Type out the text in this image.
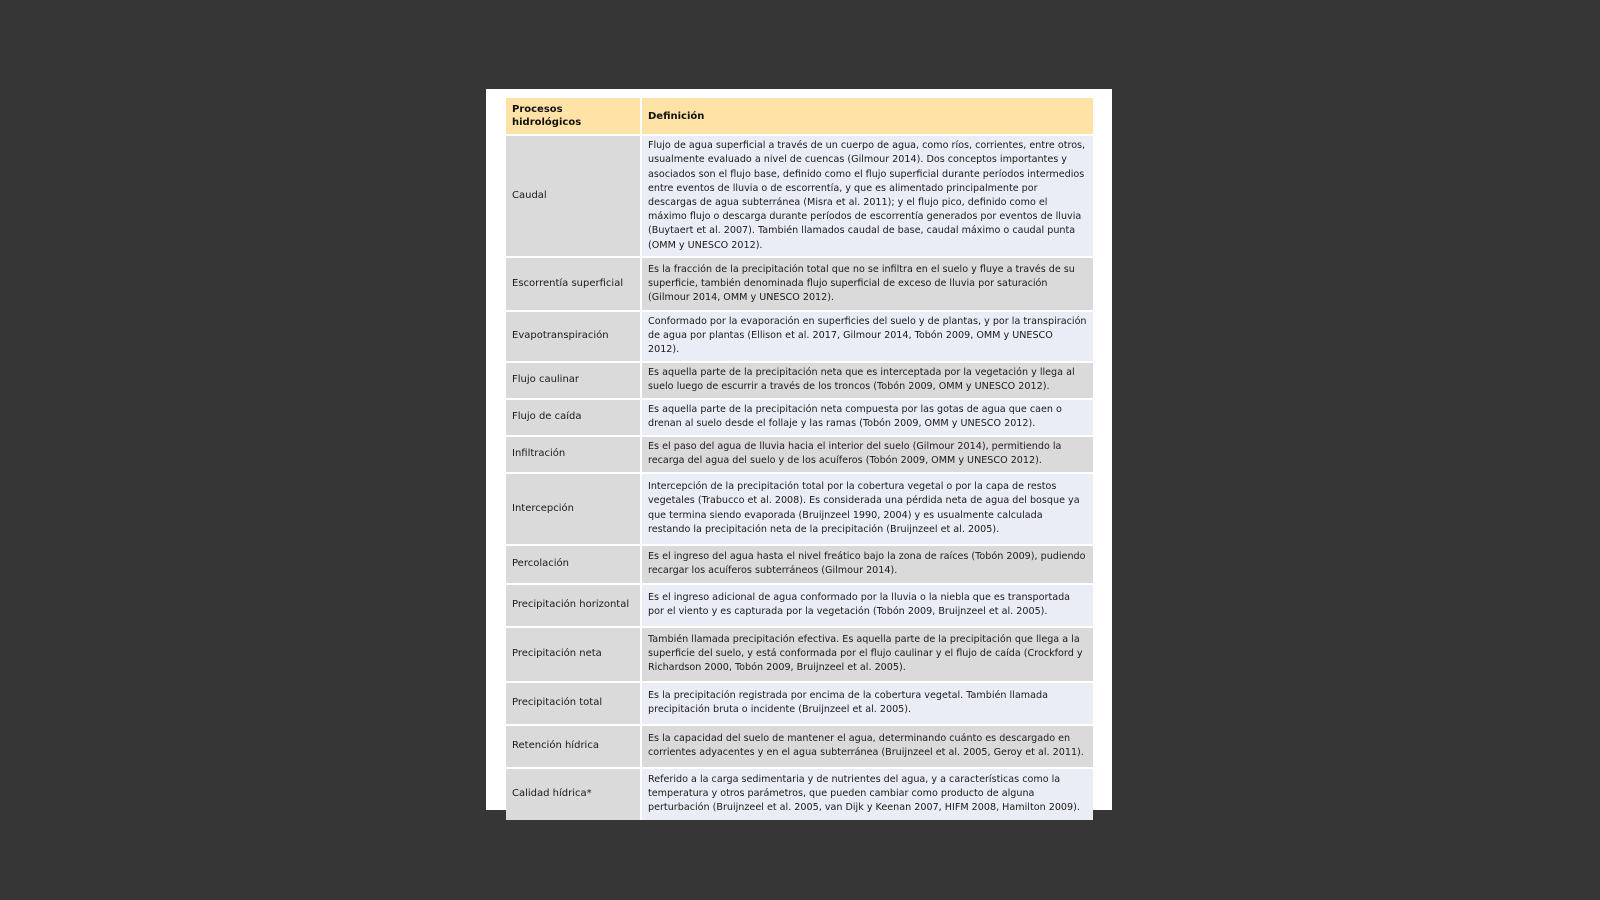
Procesos hidrológicos	Definición
Caudal	Flujo de agua superficial a través de un cuerpo de agua, como ríos, corrientes, entre otros, usualmente evaluado a nivel de cuencas (Gilmour 2014). Dos conceptos importantes y asociados son el flujo base, definido como el flujo superficial durante períodos intermedios entre eventos de lluvia o de escorrentía, y que es alimentado principalmente por descargas de agua subterránea (Misra et al. 2011); y el flujo pico, definido como el máximo flujo o descarga durante períodos de escorrentía generados por eventos de lluvia (Buytaert et al. 2007). También llamados caudal de base, caudal máximo o caudal punta (OMM y UNESCO 2012).
Escorrentía superficial	Es la fracción de la precipitación total que no se infiltra en el suelo y fluye a través de su superficie, también denominada flujo superficial de exceso de lluvia por saturación (Gilmour 2014, OMM y UNESCO 2012).
Evapotranspiración	Conformado por la evaporación en superficies del suelo y de plantas, y por la transpiración de agua por plantas (Ellison et al. 2017, Gilmour 2014, Tobón 2009, OMM y UNESCO 2012).
Flujo caulinar	Es aquella parte de la precipitación neta que es interceptada por la vegetación y llega al suelo luego de escurrir a través de los troncos (Tobón 2009, OMM y UNESCO 2012).
Flujo de caída	Es aquella parte de la precipitación neta compuesta por las gotas de agua que caen o drenan al suelo desde el follaje y las ramas (Tobón 2009, OMM y UNESCO 2012).
Infiltración	Es el paso del agua de lluvia hacia el interior del suelo (Gilmour 2014), permitiendo la recarga del agua del suelo y de los acuíferos (Tobón 2009, OMM y UNESCO 2012).
Intercepción	Intercepción de la precipitación total por la cobertura vegetal o por la capa de restos vegetales (Trabucco et al. 2008). Es considerada una pérdida neta de agua del bosque ya que termina siendo evaporada (Bruijnzeel 1990, 2004) y es usualmente calculada restando la precipitación neta de la precipitación (Bruijnzeel et al. 2005).
Percolación	Es el ingreso del agua hasta el nivel freático bajo la zona de raíces (Tobón 2009), pudiendo recargar los acuíferos subterráneos (Gilmour 2014).
Precipitación horizontal	Es el ingreso adicional de agua conformado por la lluvia o la niebla que es transportada por el viento y es capturada por la vegetación (Tobón 2009, Bruijnzeel et al. 2005).
Precipitación neta	También llamada precipitación efectiva. Es aquella parte de la precipitación que llega a la superficie del suelo, y está conformada por el flujo caulinar y el flujo de caída (Crockford y Richardson 2000, Tobón 2009, Bruijnzeel et al. 2005).
Precipitación total	Es la precipitación registrada por encima de la cobertura vegetal. También llamada precipitación bruta o incidente (Bruijnzeel et al. 2005).
Retención hídrica	Es la capacidad del suelo de mantener el agua, determinando cuánto es descargado en corrientes adyacentes y en el agua subterránea (Bruijnzeel et al. 2005, Geroy et al. 2011).
Calidad hídrica*	Referido a la carga sedimentaria y de nutrientes del agua, y a características como la temperatura y otros parámetros, que pueden cambiar como producto de alguna perturbación (Bruijnzeel et al. 2005, van Dijk y Keenan 2007, HIFM 2008, Hamilton 2009).
